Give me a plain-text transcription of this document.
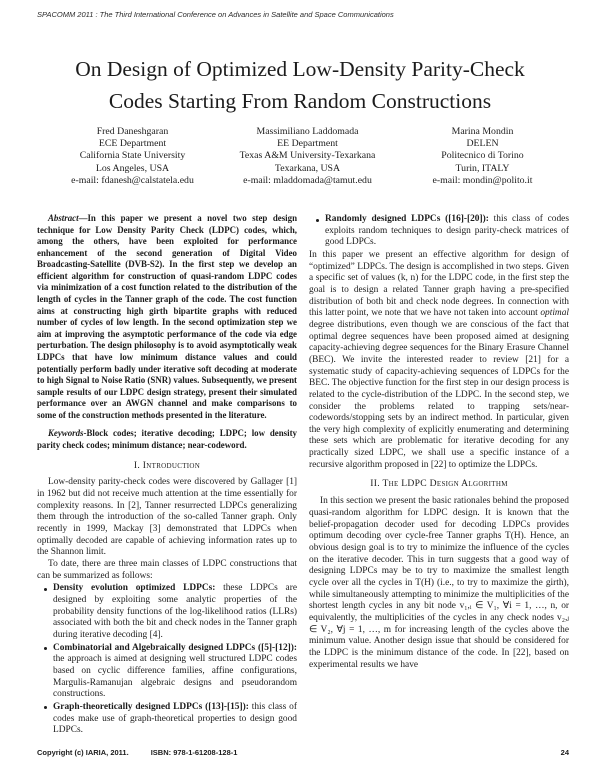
SPACOMM 2011 : The Third International Conference on Advances in Satellite and Space Communications
On Design of Optimized Low-Density Parity-Check
Codes Starting From Random Constructions
Fred Daneshgaran
ECE Department
California State University
Los Angeles, USA
e-mail: fdanesh@calstatela.edu
Massimiliano Laddomada
EE Department
Texas A&M University-Texarkana
Texarkana, USA
e-mail: mladdomada@tamut.edu
Marina Mondin
DELEN
Politecnico di Torino
Turin, ITALY
e-mail: mondin@polito.it

Abstract—In this paper we present a novel two step design technique for Low Density Parity Check (LDPC) codes, which, among the others, have been exploited for performance enhancement of the second generation of Digital Video Broadcasting-Satellite (DVB-S2). In the first step we develop an efficient algorithm for construction of quasi-random LDPC codes via minimization of a cost function related to the distribution of the length of cycles in the Tanner graph of the code. The cost function aims at constructing high girth bipartite graphs with reduced number of cycles of low length. In the second optimization step we aim at improving the asymptotic performance of the code via edge perturbation. The design philosophy is to avoid asymptotically weak LDPCs that have low minimum distance values and could potentially perform badly under iterative soft decoding at moderate to high Signal to Noise Ratio (SNR) values. Subsequently, we present sample results of our LDPC design strategy, present their simulated performance over an AWGN channel and make comparisons to some of the construction methods presented in the literature.

Keywords-Block codes; iterative decoding; LDPC; low density parity check codes; minimum distance; near-codeword.

I. Introduction

Low-density parity-check codes were discovered by Gallager [1] in 1962 but did not receive much attention at the time essentially for complexity reasons. In [2], Tanner resurrected LDPCs generalizing them through the introduction of the so-called Tanner graph. Only recently in 1999, Mackay [3] demonstrated that LDPCs when optimally decoded are capable of achieving information rates up to the Shannon limit.

To date, there are three main classes of LDPC constructions that can be summarized as follows:

Density evolution optimized LDPCs: these LDPCs are designed by exploiting some analytic properties of the probability density functions of the log-likelihood ratios (LLRs) associated with both the bit and check nodes in the Tanner graph during iterative decoding [4].
Combinatorial and Algebraically designed LDPCs ([5]-[12]): the approach is aimed at designing well structured LDPC codes based on cyclic difference families, affine configurations, Margulis-Ramanujan algebraic designs and pseudorandom constructions.
Graph-theoretically designed LDPCs ([13]-[15]): this class of codes make use of graph-theoretical properties to design good LDPCs.
Randomly designed LDPCs ([16]-[20]): this class of codes exploits random techniques to design parity-check matrices of good LDPCs.

In this paper we present an effective algorithm for design of “optimized” LDPCs. The design is accomplished in two steps. Given a specific set of values (k, n) for the LDPC code, in the first step the goal is to design a related Tanner graph having a pre-specified distribution of both bit and check node degrees. In connection with this latter point, we note that we have not taken into account optimal degree distributions, even though we are conscious of the fact that optimal degree sequences have been proposed aimed at designing capacity-achieving degree sequences for the Binary Erasure Channel (BEC). We invite the interested reader to review [21] for a systematic study of capacity-achieving sequences of LDPCs for the BEC. The objective function for the first step in our design process is related to the cycle-distribution of the LDPC. In the second step, we consider the problems related to trapping sets/near-codewords/stopping sets by an indirect method. In particular, given the very high complexity of explicitly enumerating and determining these sets which are problematic for iterative decoding for any practically sized LDPC, we shall use a specific instance of a recursive algorithm proposed in [22] to optimize the LDPCs.

II. The LDPC Design Algorithm

In this section we present the basic rationales behind the proposed quasi-random algorithm for LDPC design. It is known that the belief-propagation decoder used for decoding LDPCs provides optimum decoding over cycle-free Tanner graphs T(H). Hence, an obvious design goal is to try to minimize the influence of the cycles on the iterative decoder. This in turn suggests that a good way of designing LDPCs may be to try to maximize the smallest length cycle over all the cycles in T(H) (i.e., to try to maximize the girth), while simultaneously attempting to minimize the multiplicities of the shortest length cycles in any bit node v₁,ᵢ ∈ V₁, ∀i = 1, …, n, or equivalently, the multiplicities of the cycles in any check nodes v₂,ⱼ ∈ V₂, ∀j = 1, …, m for increasing length of the cycles above the minimum value. Another design issue that should be considered for the LDPC is the minimum distance of the code. In [22], based on experimental results we have

Copyright (c) IARIA, 2011.	ISBN: 978-1-61208-128-1	24
